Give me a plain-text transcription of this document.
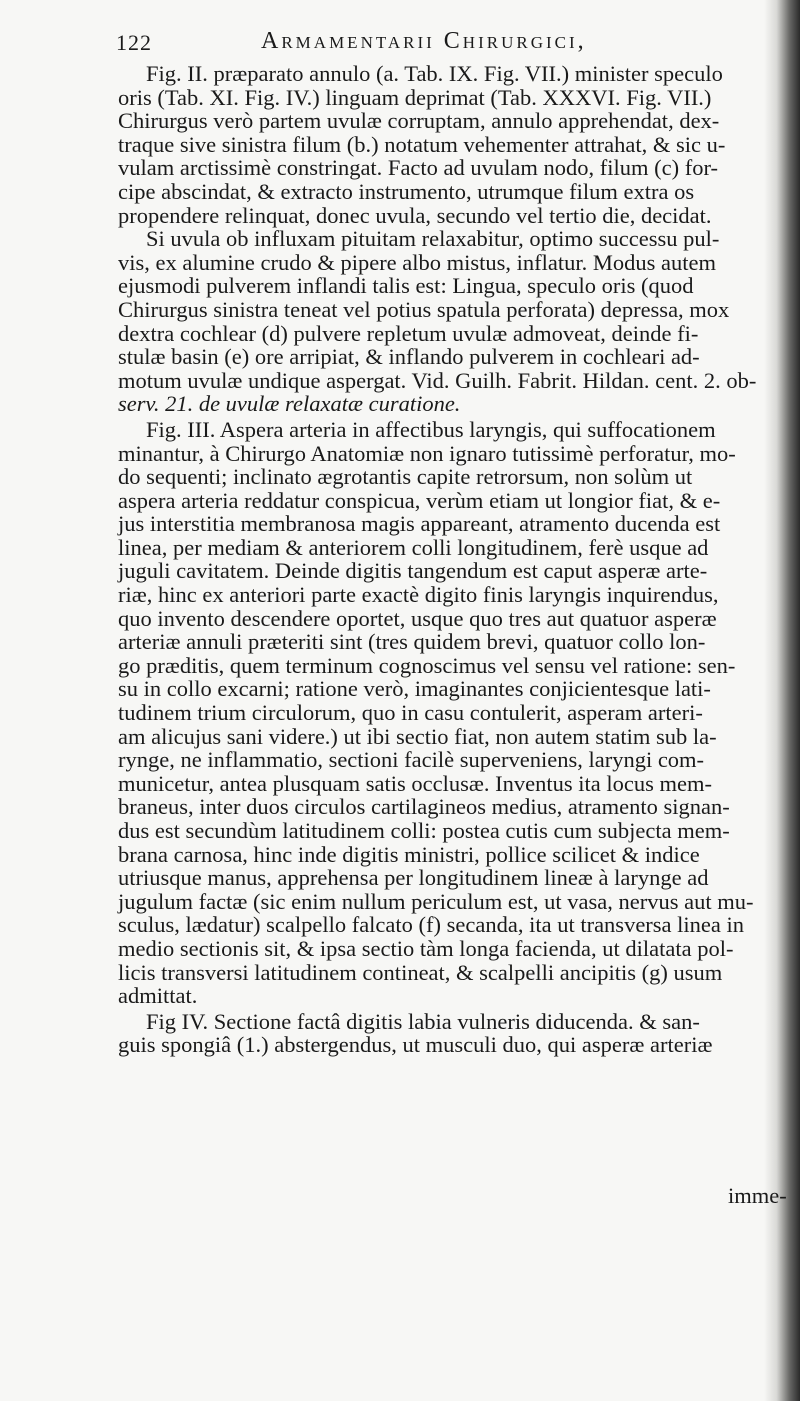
122	Armamentarii Chirurgici,
Fig. II. præparato annulo (a. Tab. IX. Fig. VII.) minister speculo
oris (Tab. XI. Fig. IV.) linguam deprimat (Tab. XXXVI. Fig. VII.)
Chirurgus verò partem uvulæ corruptam, annulo apprehendat, dex-
traque sive sinistra filum (b.) notatum vehementer attrahat, & sic u-
vulam arctissimè constringat. Facto ad uvulam nodo, filum (c) for-
cipe abscindat, & extracto instrumento, utrumque filum extra os
propendere relinquat, donec uvula, secundo vel tertio die, decidat.
Si uvula ob influxam pituitam relaxabitur, optimo successu pul-
vis, ex alumine crudo & pipere albo mistus, inflatur. Modus autem
ejusmodi pulverem inflandi talis est: Lingua, speculo oris (quod
Chirurgus sinistra teneat vel potius spatula perforata) depressa, mox
dextra cochlear (d) pulvere repletum uvulæ admoveat, deinde fi-
stulæ basin (e) ore arripiat, & inflando pulverem in cochleari ad-
motum uvulæ undique aspergat. Vid. Guilh. Fabrit. Hildan. cent. 2. ob-
serv. 21. de uvulæ relaxatæ curatione.
Fig. III. Aspera arteria in affectibus laryngis, qui suffocationem
minantur, à Chirurgo Anatomiæ non ignaro tutissimè perforatur, mo-
do sequenti; inclinato ægrotantis capite retrorsum, non solùm ut
aspera arteria reddatur conspicua, verùm etiam ut longior fiat, & e-
jus interstitia membranosa magis appareant, atramento ducenda est
linea, per mediam & anteriorem colli longitudinem, ferè usque ad
juguli cavitatem. Deinde digitis tangendum est caput asperæ arte-
riæ, hinc ex anteriori parte exactè digito finis laryngis inquirendus,
quo invento descendere oportet, usque quo tres aut quatuor asperæ
arteriæ annuli præteriti sint (tres quidem brevi, quatuor collo lon-
go præditis, quem terminum cognoscimus vel sensu vel ratione: sen-
su in collo excarni; ratione verò, imaginantes conjicientesque lati-
tudinem trium circulorum, quo in casu contulerit, asperam arteri-
am alicujus sani videre.) ut ibi sectio fiat, non autem statim sub la-
rynge, ne inflammatio, sectioni facilè superveniens, laryngi com-
municetur, antea plusquam satis occlusæ. Inventus ita locus mem-
braneus, inter duos circulos cartilagineos medius, atramento signan-
dus est secundùm latitudinem colli: postea cutis cum subjecta mem-
brana carnosa, hinc inde digitis ministri, pollice scilicet & indice
utriusque manus, apprehensa per longitudinem lineæ à larynge ad
jugulum factæ (sic enim nullum periculum est, ut vasa, nervus aut mu-
sculus, lædatur) scalpello falcato (f) secanda, ita ut transversa linea in
medio sectionis sit, & ipsa sectio tàm longa facienda, ut dilatata pol-
licis transversi latitudinem contineat, & scalpelli ancipitis (g) usum
admittat.
Fig IV. Sectione factâ digitis labia vulneris diducenda. & san-
guis spongiâ (1.) abstergendus, ut musculi duo, qui asperæ arteriæ
imme-
